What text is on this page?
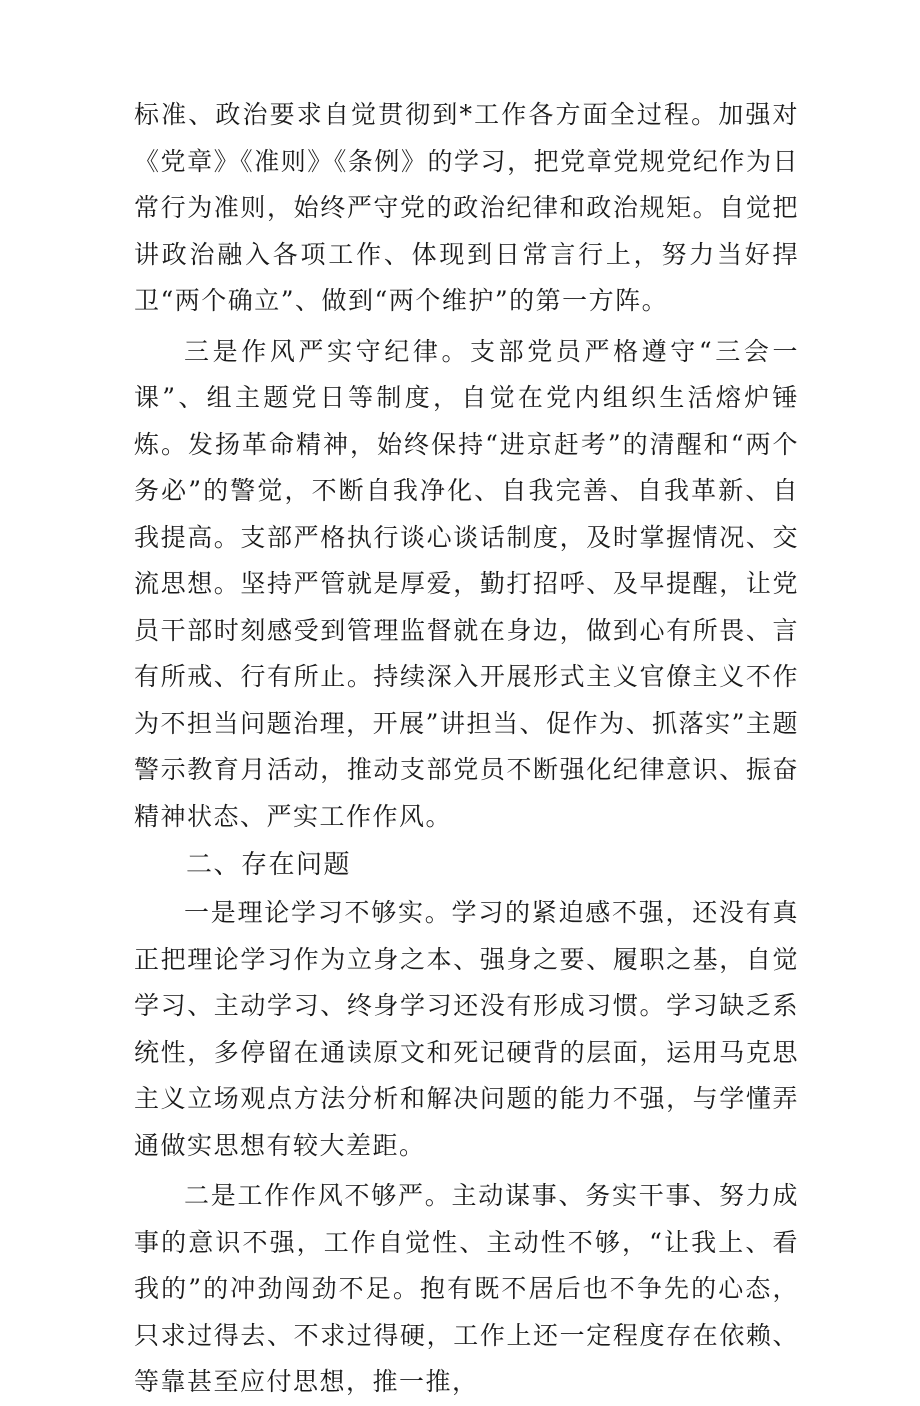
标准、政治要求自觉贯彻到*工作各方面全过程。加强对《党章》《准则》《条例》的学习，把党章党规党纪作为日常行为准则，始终严守党的政治纪律和政治规矩。自觉把讲政治融入各项工作、体现到日常言行上，努力当好捍卫“两个确立”、做到“两个维护”的第一方阵。

三是作风严实守纪律。支部党员严格遵守“三会一课”、组主题党日等制度，自觉在党内组织生活熔炉锤炼。发扬革命精神，始终保持“进京赶考”的清醒和“两个务必”的警觉，不断自我净化、自我完善、自我革新、自我提高。支部严格执行谈心谈话制度，及时掌握情况、交流思想。坚持严管就是厚爱，勤打招呼、及早提醒，让党员干部时刻感受到管理监督就在身边，做到心有所畏、言有所戒、行有所止。持续深入开展形式主义官僚主义不作为不担当问题治理，开展”讲担当、促作为、抓落实”主题警示教育月活动，推动支部党员不断强化纪律意识、振奋精神状态、严实工作作风。

二、存在问题

一是理论学习不够实。学习的紧迫感不强，还没有真正把理论学习作为立身之本、强身之要、履职之基，自觉学习、主动学习、终身学习还没有形成习惯。学习缺乏系统性，多停留在通读原文和死记硬背的层面，运用马克思主义立场观点方法分析和解决问题的能力不强，与学懂弄通做实思想有较大差距。

二是工作作风不够严。主动谋事、务实干事、努力成事的意识不强，工作自觉性、主动性不够，“让我上、看我的”的冲劲闯劲不足。抱有既不居后也不争先的心态，只求过得去、不求过得硬，工作上还一定程度存在依赖、等靠甚至应付思想，推一推，
